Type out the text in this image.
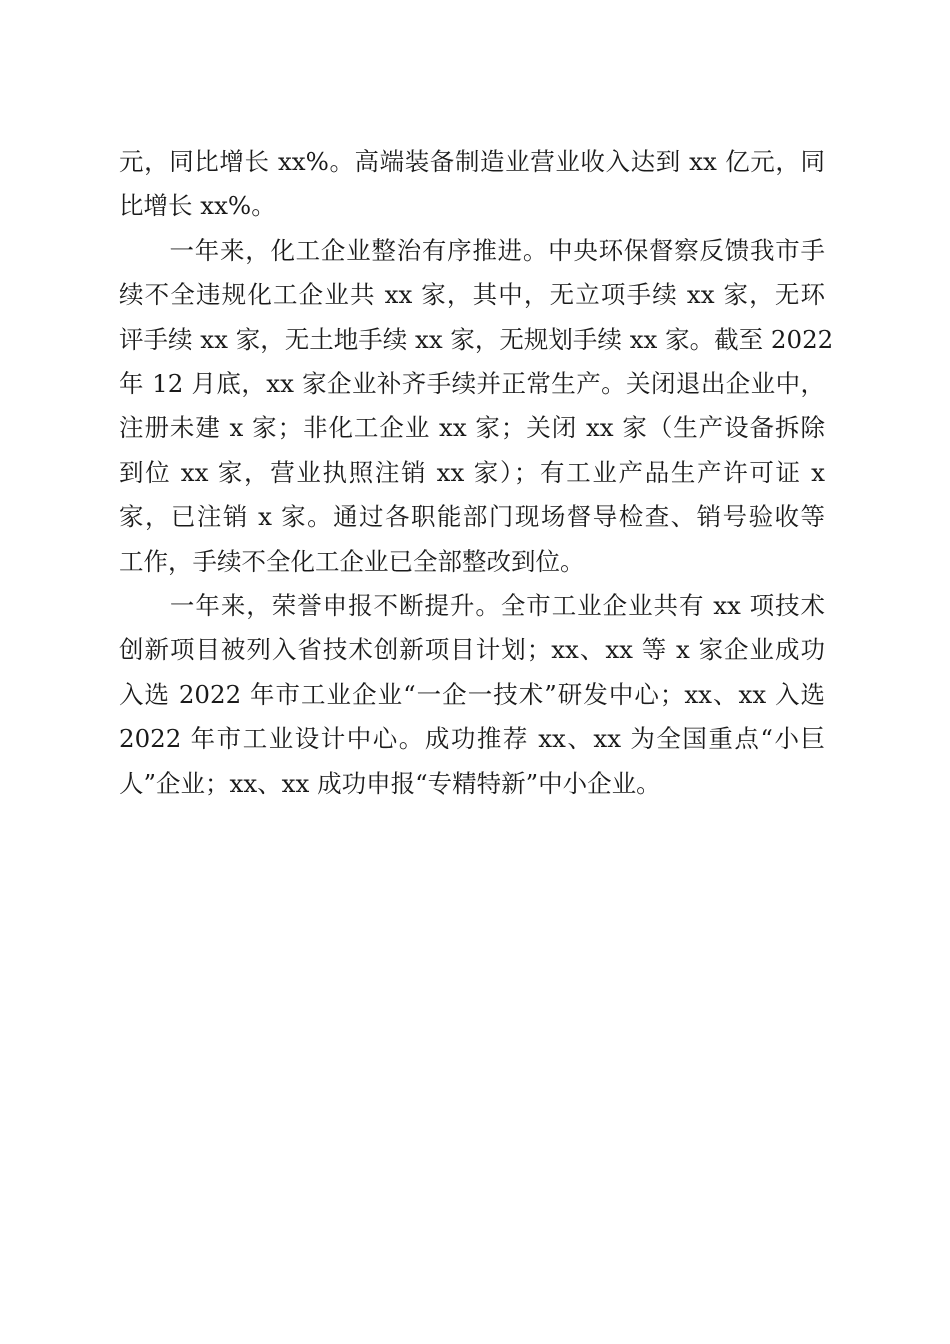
元，同比增长 xx%。高端装备制造业营业收入达到 xx 亿元，同
比增长 xx%。
　　一年来，化工企业整治有序推进。中央环保督察反馈我市手
续不全违规化工企业共 xx 家，其中，无立项手续 xx 家，无环
评手续 xx 家，无土地手续 xx 家，无规划手续 xx 家。截至 2022
年 12 月底，xx 家企业补齐手续并正常生产。关闭退出企业中，
注册未建 x 家；非化工企业 xx 家；关闭 xx 家（生产设备拆除
到位 xx 家，营业执照注销 xx 家）；有工业产品生产许可证 x
家，已注销 x 家。通过各职能部门现场督导检查、销号验收等
工作，手续不全化工企业已全部整改到位。
　　一年来，荣誉申报不断提升。全市工业企业共有 xx 项技术
创新项目被列入省技术创新项目计划；xx、xx 等 x 家企业成功
入选 2022 年市工业企业“一企一技术”研发中心；xx、xx 入选
2022 年市工业设计中心。成功推荐 xx、xx 为全国重点“小巨
人”企业；xx、xx 成功申报“专精特新”中小企业。
